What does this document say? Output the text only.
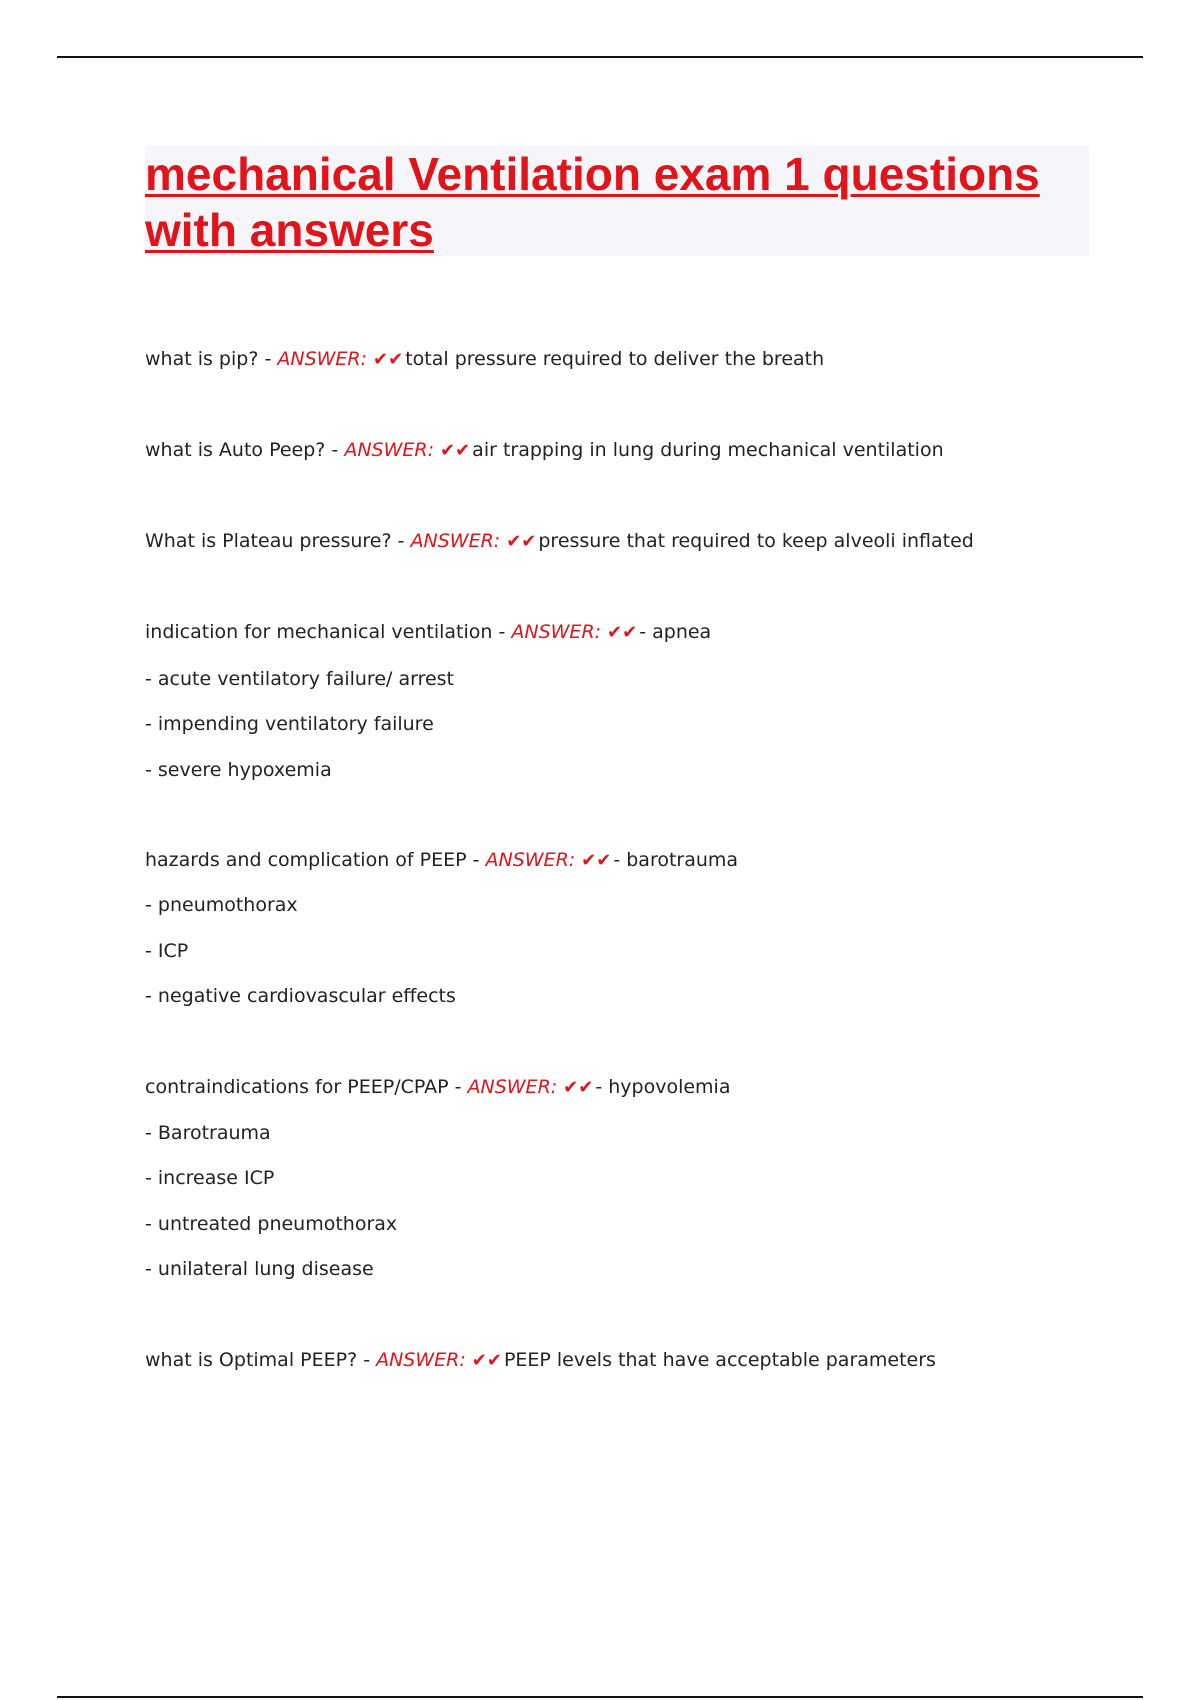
mechanical Ventilation exam 1 questions with answers
what is pip? - ANSWER: ✔✔ total pressure required to deliver the breath
what is Auto Peep? - ANSWER: ✔✔ air trapping in lung during mechanical ventilation
What is Plateau pressure? - ANSWER: ✔✔ pressure that required to keep alveoli inflated
indication for mechanical ventilation - ANSWER: ✔✔ - apnea
- acute ventilatory failure/ arrest
- impending ventilatory failure
- severe hypoxemia
hazards and complication of PEEP - ANSWER: ✔✔ - barotrauma
- pneumothorax
- ICP
- negative cardiovascular effects
contraindications for PEEP/CPAP - ANSWER: ✔✔ - hypovolemia
- Barotrauma
- increase ICP
- untreated pneumothorax
- unilateral lung disease
what is Optimal PEEP? - ANSWER: ✔✔ PEEP levels that have acceptable parameters
